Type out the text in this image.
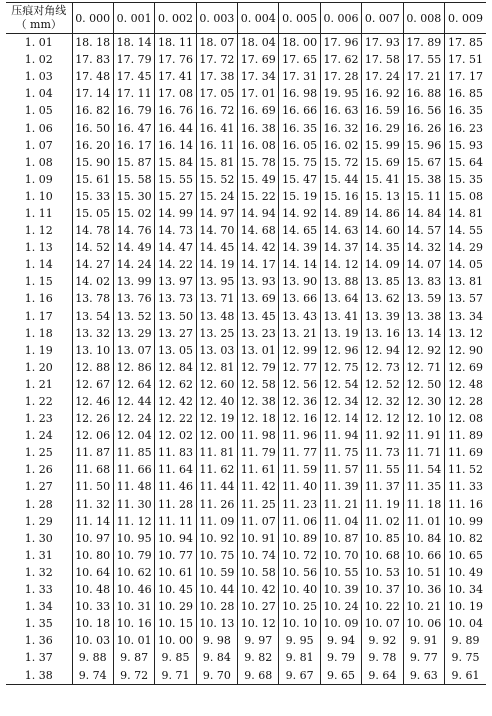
压痕对角线
（ mm）	0. 000	0. 001	0. 002	0. 003	0. 004	0. 005	0. 006	0. 007	0. 008	0. 009
1. 01	18. 18	18. 14	18. 11	18. 07	18. 04	18. 00	17. 96	17. 93	17. 89	17. 85
1. 02	17. 83	17. 79	17. 76	17. 72	17. 69	17. 65	17. 62	17. 58	17. 55	17. 51
1. 03	17. 48	17. 45	17. 41	17. 38	17. 34	17. 31	17. 28	17. 24	17. 21	17. 17
1. 04	17. 14	17. 11	17. 08	17. 05	17. 01	16. 98	19. 95	16. 92	16. 88	16. 85
1. 05	16. 82	16. 79	16. 76	16. 72	16. 69	16. 66	16. 63	16. 59	16. 56	16. 35
1. 06	16. 50	16. 47	16. 44	16. 41	16. 38	16. 35	16. 32	16. 29	16. 26	16. 23
1. 07	16. 20	16. 17	16. 14	16. 11	16. 08	16. 05	16. 02	15. 99	15. 96	15. 93
1. 08	15. 90	15. 87	15. 84	15. 81	15. 78	15. 75	15. 72	15. 69	15. 67	15. 64
1. 09	15. 61	15. 58	15. 55	15. 52	15. 49	15. 47	15. 44	15. 41	15. 38	15. 35
1. 10	15. 33	15. 30	15. 27	15. 24	15. 22	15. 19	15. 16	15. 13	15. 11	15. 08
1. 11	15. 05	15. 02	14. 99	14. 97	14. 94	14. 92	14. 89	14. 86	14. 84	14. 81
1. 12	14. 78	14. 76	14. 73	14. 70	14. 68	14. 65	14. 63	14. 60	14. 57	14. 55
1. 13	14. 52	14. 49	14. 47	14. 45	14. 42	14. 39	14. 37	14. 35	14. 32	14. 29
1. 14	14. 27	14. 24	14. 22	14. 19	14. 17	14. 14	14. 12	14. 09	14. 07	14. 05
1. 15	14. 02	13. 99	13. 97	13. 95	13. 93	13. 90	13. 88	13. 85	13. 83	13. 81
1. 16	13. 78	13. 76	13. 73	13. 71	13. 69	13. 66	13. 64	13. 62	13. 59	13. 57
1. 17	13. 54	13. 52	13. 50	13. 48	13. 45	13. 43	13. 41	13. 39	13. 38	13. 34
1. 18	13. 32	13. 29	13. 27	13. 25	13. 23	13. 21	13. 19	13. 16	13. 14	13. 12
1. 19	13. 10	13. 07	13. 05	13. 03	13. 01	12. 99	12. 96	12. 94	12. 92	12. 90
1. 20	12. 88	12. 86	12. 84	12. 81	12. 79	12. 77	12. 75	12. 73	12. 71	12. 69
1. 21	12. 67	12. 64	12. 62	12. 60	12. 58	12. 56	12. 54	12. 52	12. 50	12. 48
1. 22	12. 46	12. 44	12. 42	12. 40	12. 38	12. 36	12. 34	12. 32	12. 30	12. 28
1. 23	12. 26	12. 24	12. 22	12. 19	12. 18	12. 16	12. 14	12. 12	12. 10	12. 08
1. 24	12. 06	12. 04	12. 02	12. 00	11. 98	11. 96	11. 94	11. 92	11. 91	11. 89
1. 25	11. 87	11. 85	11. 83	11. 81	11. 79	11. 77	11. 75	11. 73	11. 71	11. 69
1. 26	11. 68	11. 66	11. 64	11. 62	11. 61	11. 59	11. 57	11. 55	11. 54	11. 52
1. 27	11. 50	11. 48	11. 46	11. 44	11. 42	11. 40	11. 39	11. 37	11. 35	11. 33
1. 28	11. 32	11. 30	11. 28	11. 26	11. 25	11. 23	11. 21	11. 19	11. 18	11. 16
1. 29	11. 14	11. 12	11. 11	11. 09	11. 07	11. 06	11. 04	11. 02	11. 01	10. 99
1. 30	10. 97	10. 95	10. 94	10. 92	10. 91	10. 89	10. 87	10. 85	10. 84	10. 82
1. 31	10. 80	10. 79	10. 77	10. 75	10. 74	10. 72	10. 70	10. 68	10. 66	10. 65
1. 32	10. 64	10. 62	10. 61	10. 59	10. 58	10. 56	10. 55	10. 53	10. 51	10. 49
1. 33	10. 48	10. 46	10. 45	10. 44	10. 42	10. 40	10. 39	10. 37	10. 36	10. 34
1. 34	10. 33	10. 31	10. 29	10. 28	10. 27	10. 25	10. 24	10. 22	10. 21	10. 19
1. 35	10. 18	10. 16	10. 15	10. 13	10. 12	10. 10	10. 09	10. 07	10. 06	10. 04
1. 36	10. 03	10. 01	10. 00	9. 98	9. 97	9. 95	9. 94	9. 92	9. 91	9. 89
1. 37	9. 88	9. 87	9. 85	9. 84	9. 82	9. 81	9. 79	9. 78	9. 77	9. 75
1. 38	9. 74	9. 72	9. 71	9. 70	9. 68	9. 67	9. 65	9. 64	9. 63	9. 61
